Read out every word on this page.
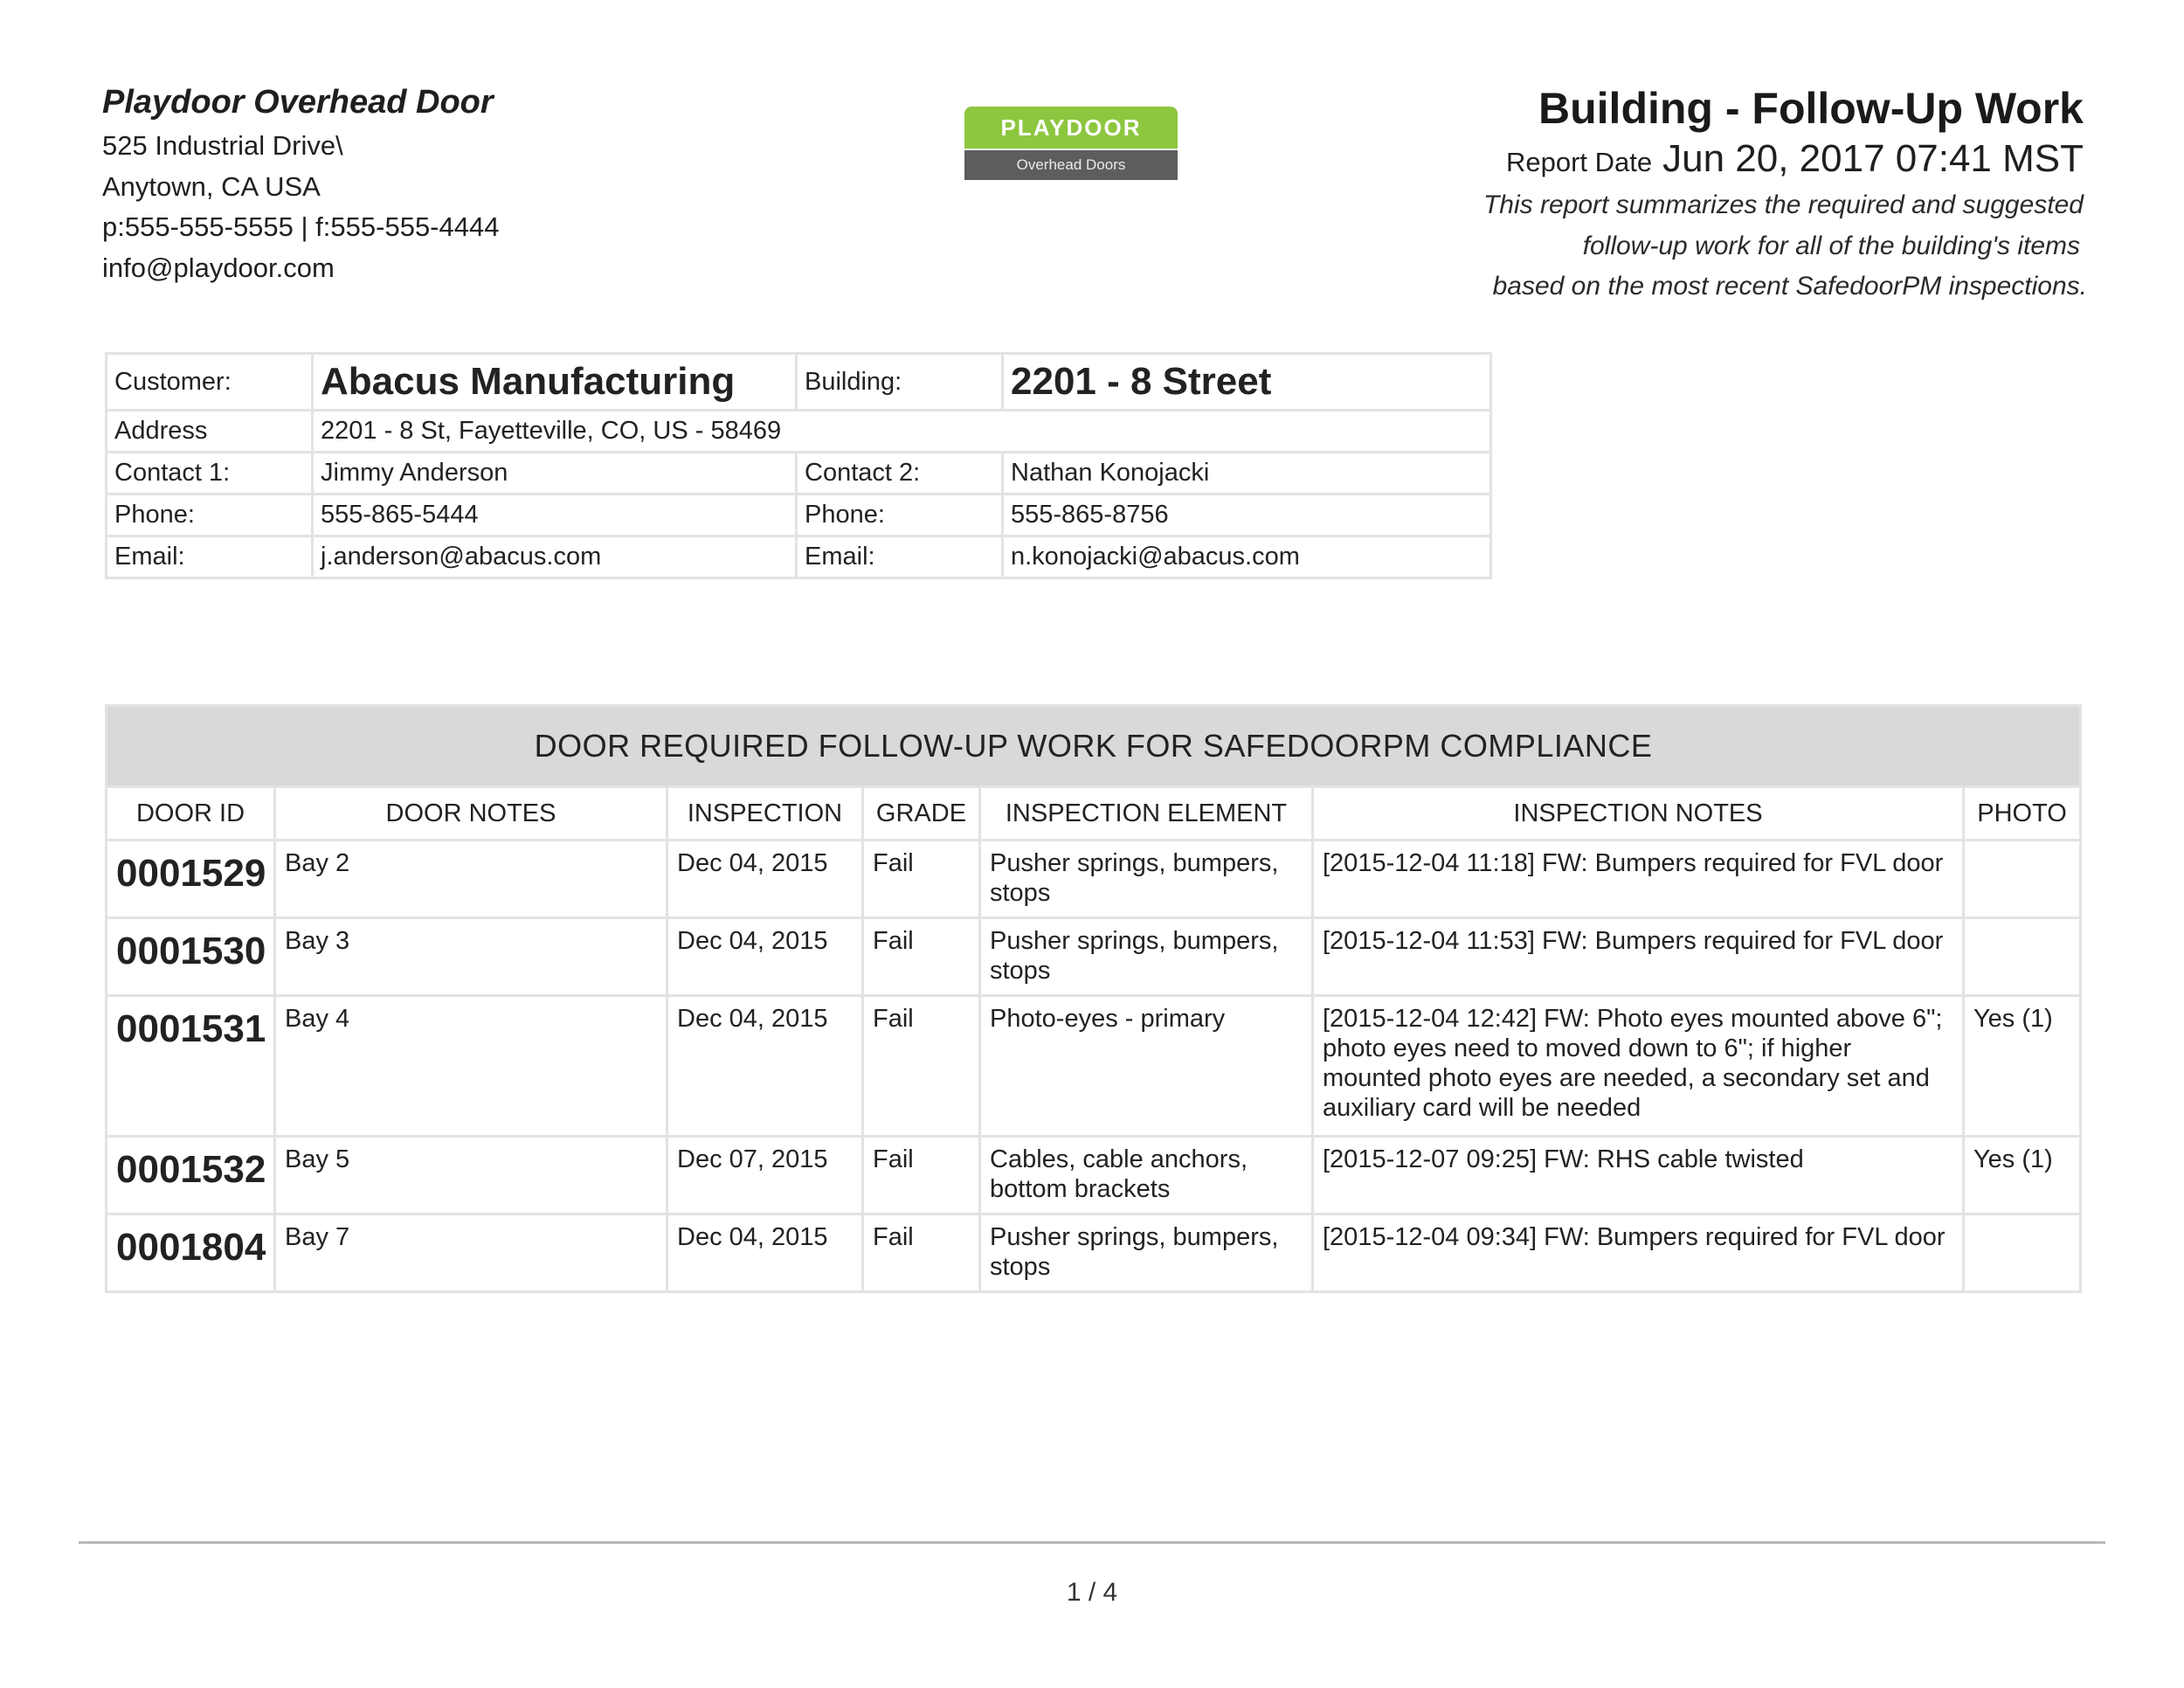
Playdoor Overhead Door
525 Industrial Drive\
Anytown, CA USA
p:555-555-5555 | f:555-555-4444
info@playdoor.com
PLAYDOOR
Overhead Doors
Building - Follow-Up Work
Report Date Jun 20, 2017 07:41 MST
This report summarizes the required and suggested
follow-up work for all of the building's items
based on the most recent SafedoorPM inspections.
Customer:	Abacus Manufacturing	Building:	2201 - 8 Street
Address	2201 - 8 St, Fayetteville, CO, US - 58469		
Contact 1:	Jimmy Anderson	Contact 2:	Nathan Konojacki
Phone:	555-865-5444	Phone:	555-865-8756
Email:	j.anderson@abacus.com	Email:	n.konojacki@abacus.com
DOOR REQUIRED FOLLOW-UP WORK FOR SAFEDOORPM COMPLIANCE						
DOOR ID	DOOR NOTES	INSPECTION	GRADE	INSPECTION ELEMENT	INSPECTION NOTES	PHOTO
0001529	Bay 2	Dec 04, 2015	Fail	Pusher springs, bumpers, stops	[2015-12-04 11:18] FW: Bumpers required for FVL door	
0001530	Bay 3	Dec 04, 2015	Fail	Pusher springs, bumpers, stops	[2015-12-04 11:53] FW: Bumpers required for FVL door	
0001531	Bay 4	Dec 04, 2015	Fail	Photo-eyes - primary	[2015-12-04 12:42] FW: Photo eyes mounted above 6"; photo eyes need to moved down to 6"; if higher mounted photo eyes are needed, a secondary set and auxiliary card will be needed	Yes (1)
0001532	Bay 5	Dec 07, 2015	Fail	Cables, cable anchors, bottom brackets	[2015-12-07 09:25] FW: RHS cable twisted	Yes (1)
0001804	Bay 7	Dec 04, 2015	Fail	Pusher springs, bumpers, stops	[2015-12-04 09:34] FW: Bumpers required for FVL door	
1 / 4
